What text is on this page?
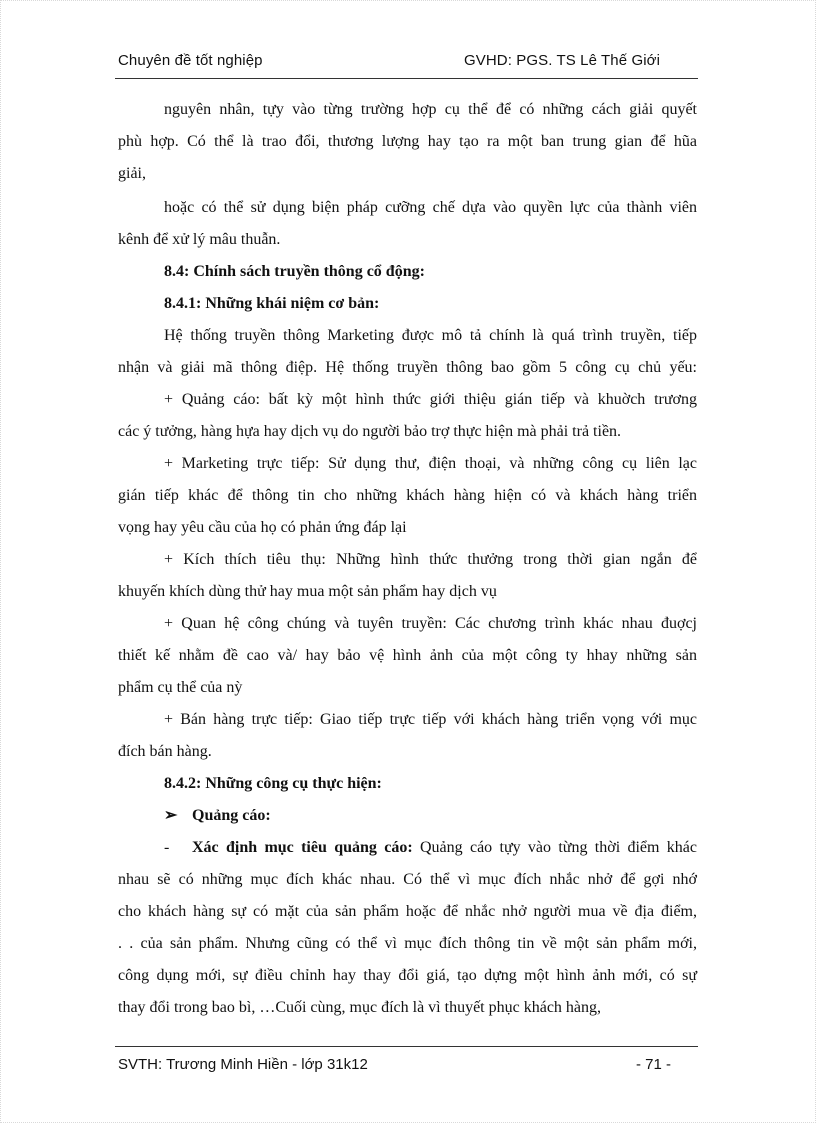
Chuyên đề tốt nghiệp	GVHD: PGS. TS Lê Thế Giới
nguyên nhân, tựy vào từng trường hợp cụ thể để có những cách giải quyết
phù hợp. Có thể là trao đổi, thương lượng hay tạo ra một ban trung gian để hũa
giải,
hoặc có thể sử dụng biện pháp cưỡng chế dựa vào quyền lực của thành viên
kênh để xử lý mâu thuẫn.
8.4: Chính sách truyền thông cổ động:
8.4.1: Những khái niệm cơ bản:
Hệ thống truyền thông Marketing được mô tả chính là quá trình truyền, tiếp
nhận và giải mã thông điệp. Hệ thống truyền thông bao gồm 5 công cụ chủ yếu:
+ Quảng cáo: bất kỳ một hình thức giới thiệu gián tiếp và khuờch trương
các ý tưởng, hàng hựa hay dịch vụ do người bảo trợ thực hiện mà phải trả tiền.
+ Marketing trực tiếp: Sử dụng thư, điện thoại, và những công cụ liên lạc
gián tiếp khác để thông tin cho những khách hàng hiện có và khách hàng triển
vọng hay yêu cầu của họ có phản ứng đáp lại
+ Kích thích tiêu thụ: Những hình thức thưởng trong thời gian ngắn để
khuyến khích dùng thử hay mua một sản phẩm hay dịch vụ
+ Quan hệ công chúng và tuyên truyền: Các chương trình khác nhau đuợcj
thiết kế nhằm đề cao và/ hay bảo vệ hình ảnh của một công ty hhay những sản
phẩm cụ thể của nỳ
+ Bán hàng trực tiếp: Giao tiếp trực tiếp với khách hàng triển vọng với mục
đích bán hàng.
8.4.2: Những công cụ thực hiện:
➢ Quảng cáo:
- Xác định mục tiêu quảng cáo: Quảng cáo tựy vào từng thời điểm khác
nhau sẽ có những mục đích khác nhau. Có thể vì mục đích nhắc nhở để gợi nhớ
cho khách hàng sự có mặt của sản phẩm hoặc để nhắc nhở người mua về địa điểm,
. . của sản phẩm. Nhưng cũng có thể vì mục đích thông tin về một sản phẩm mới,
công dụng mới, sự điều chỉnh hay thay đổi giá, tạo dựng một hình ảnh mới, có sự
thay đổi trong bao bì, …Cuối cùng, mục đích là vì thuyết phục khách hàng,
SVTH: Trương Minh Hiền - lớp 31k12	- 71 -
